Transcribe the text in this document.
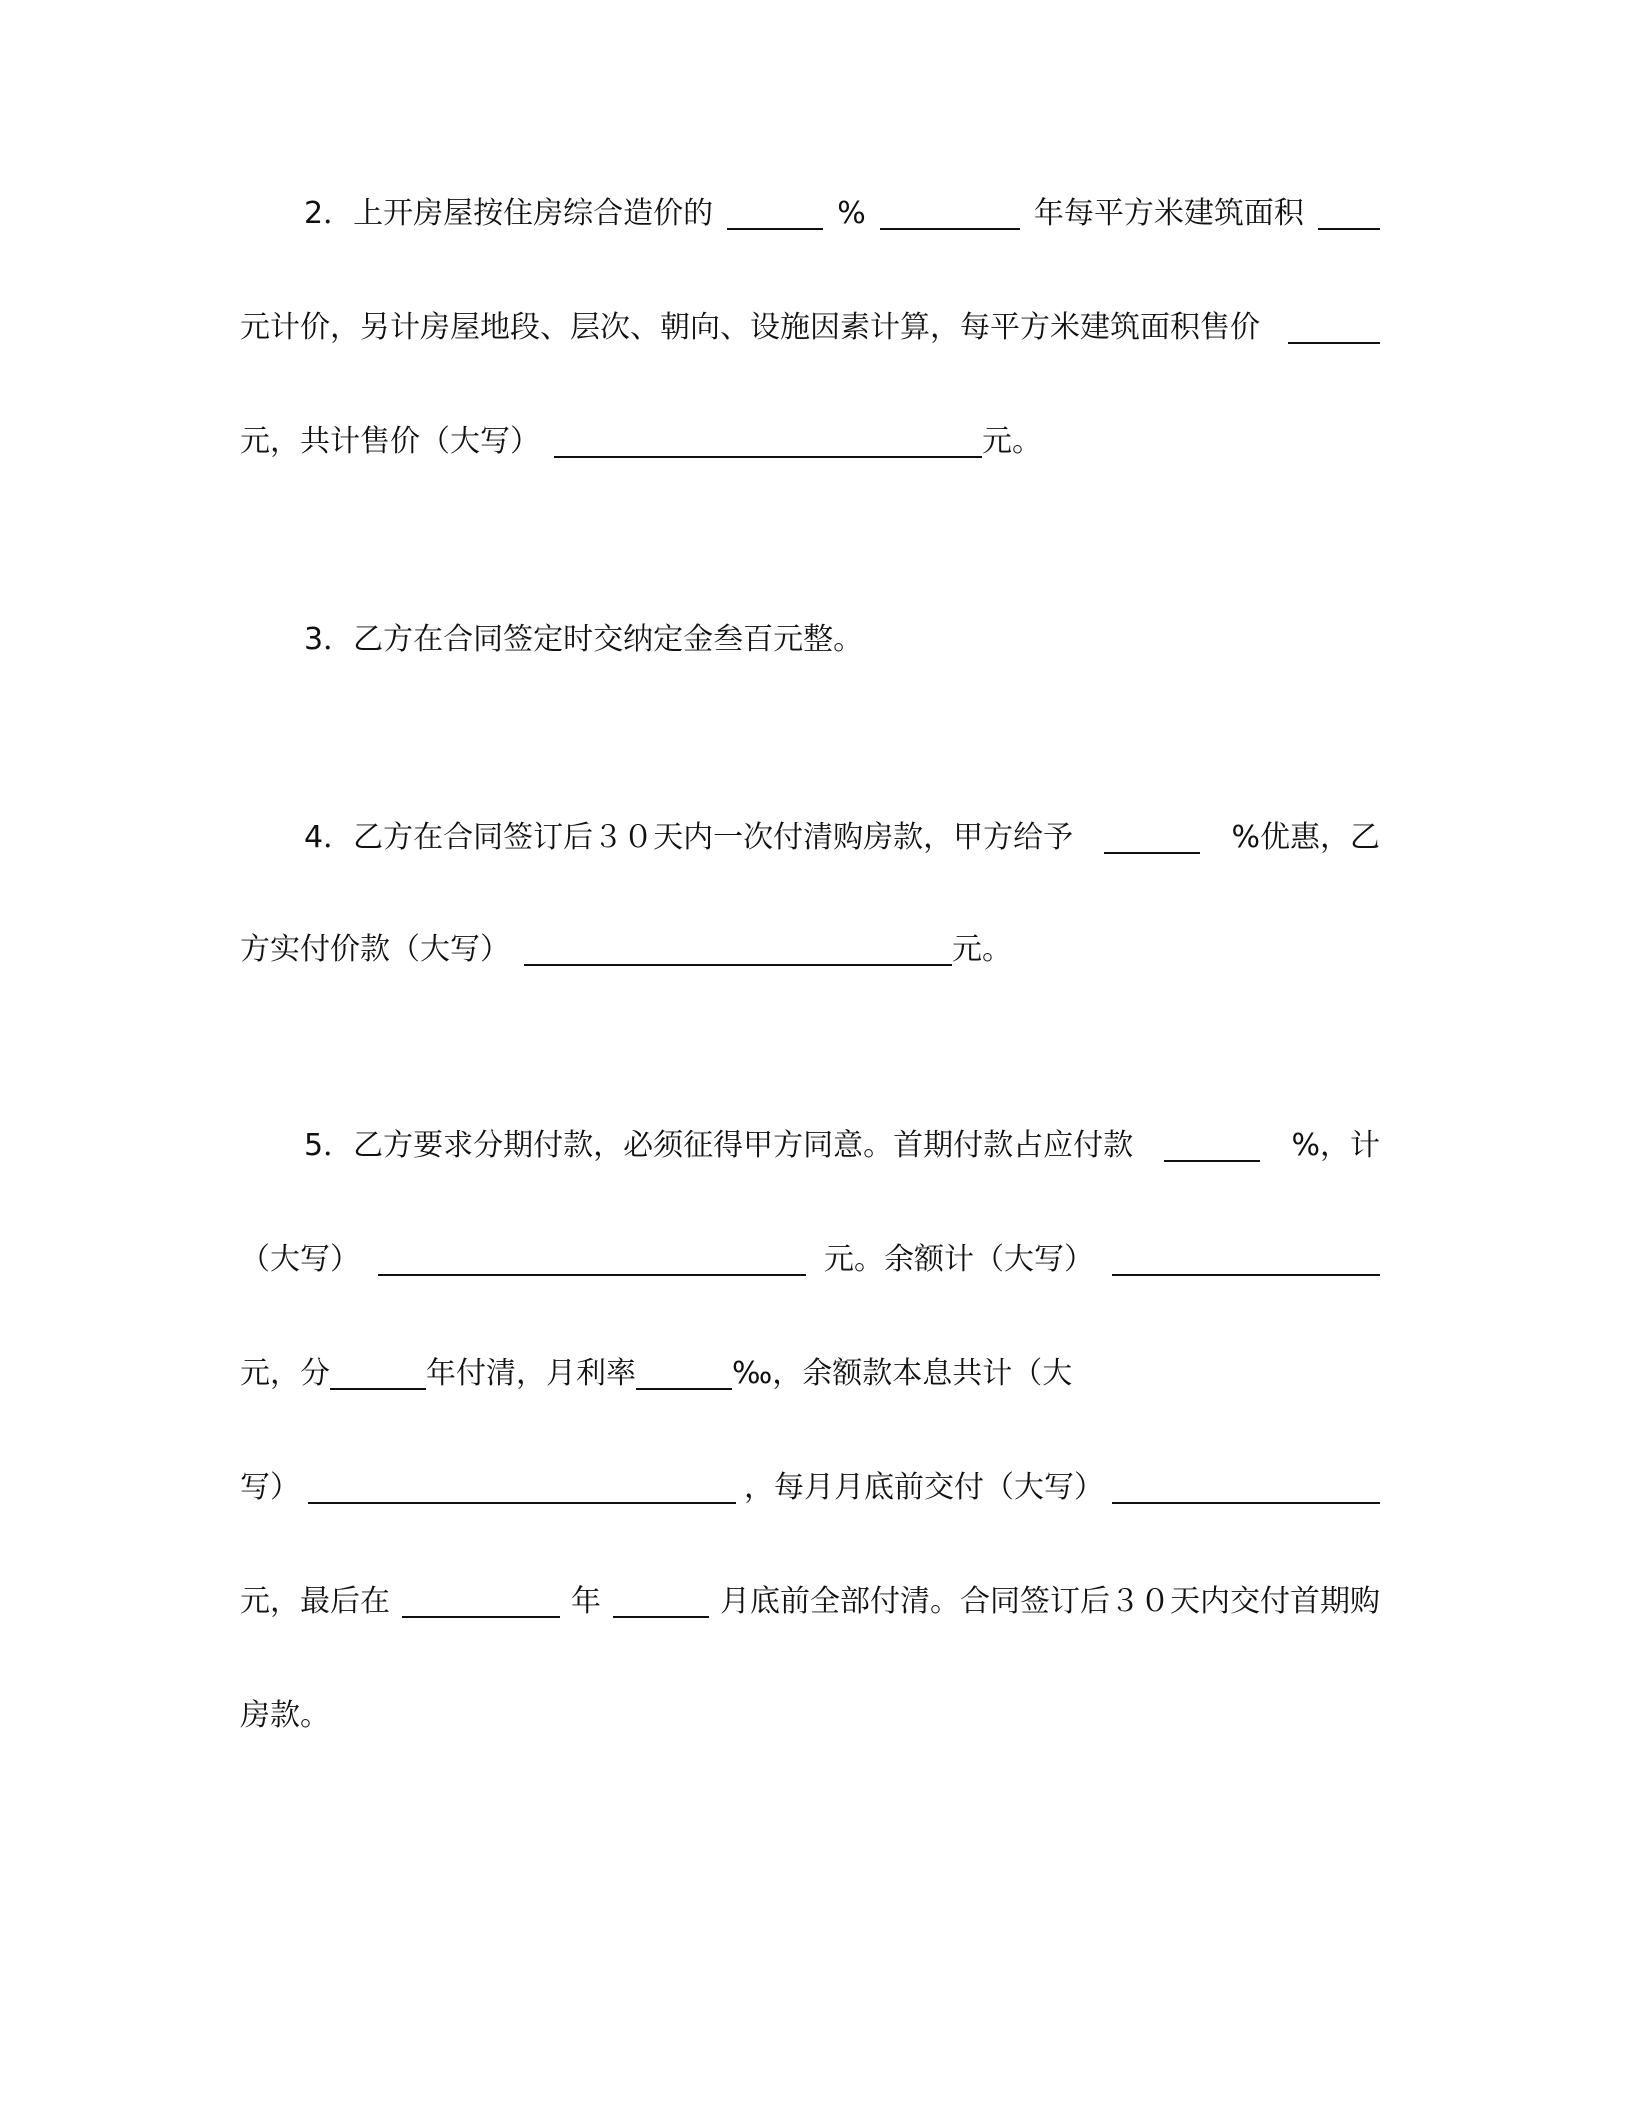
2．上开房屋按住房综合造价的	%	年每平方米建筑面积
元计价，另计房屋地段、层次、朝向、设施因素计算，每平方米建筑面积售价
元，共计售价（大写）	元。
3．乙方在合同签定时交纳定金叁百元整。
4．乙方在合同签订后３０天内一次付清购房款，甲方给予	%优惠，乙
方实付价款（大写）	元。
5．乙方要求分期付款，必须征得甲方同意。首期付款占应付款	%，计
（大写）	元。余额计（大写）
元，分	年付清，月利率	‰，余额款本息共计（大
写）	，每月月底前交付（大写）
元，最后在	年	月底前全部付清。合同签订后３０天内交付首期购
房款。
